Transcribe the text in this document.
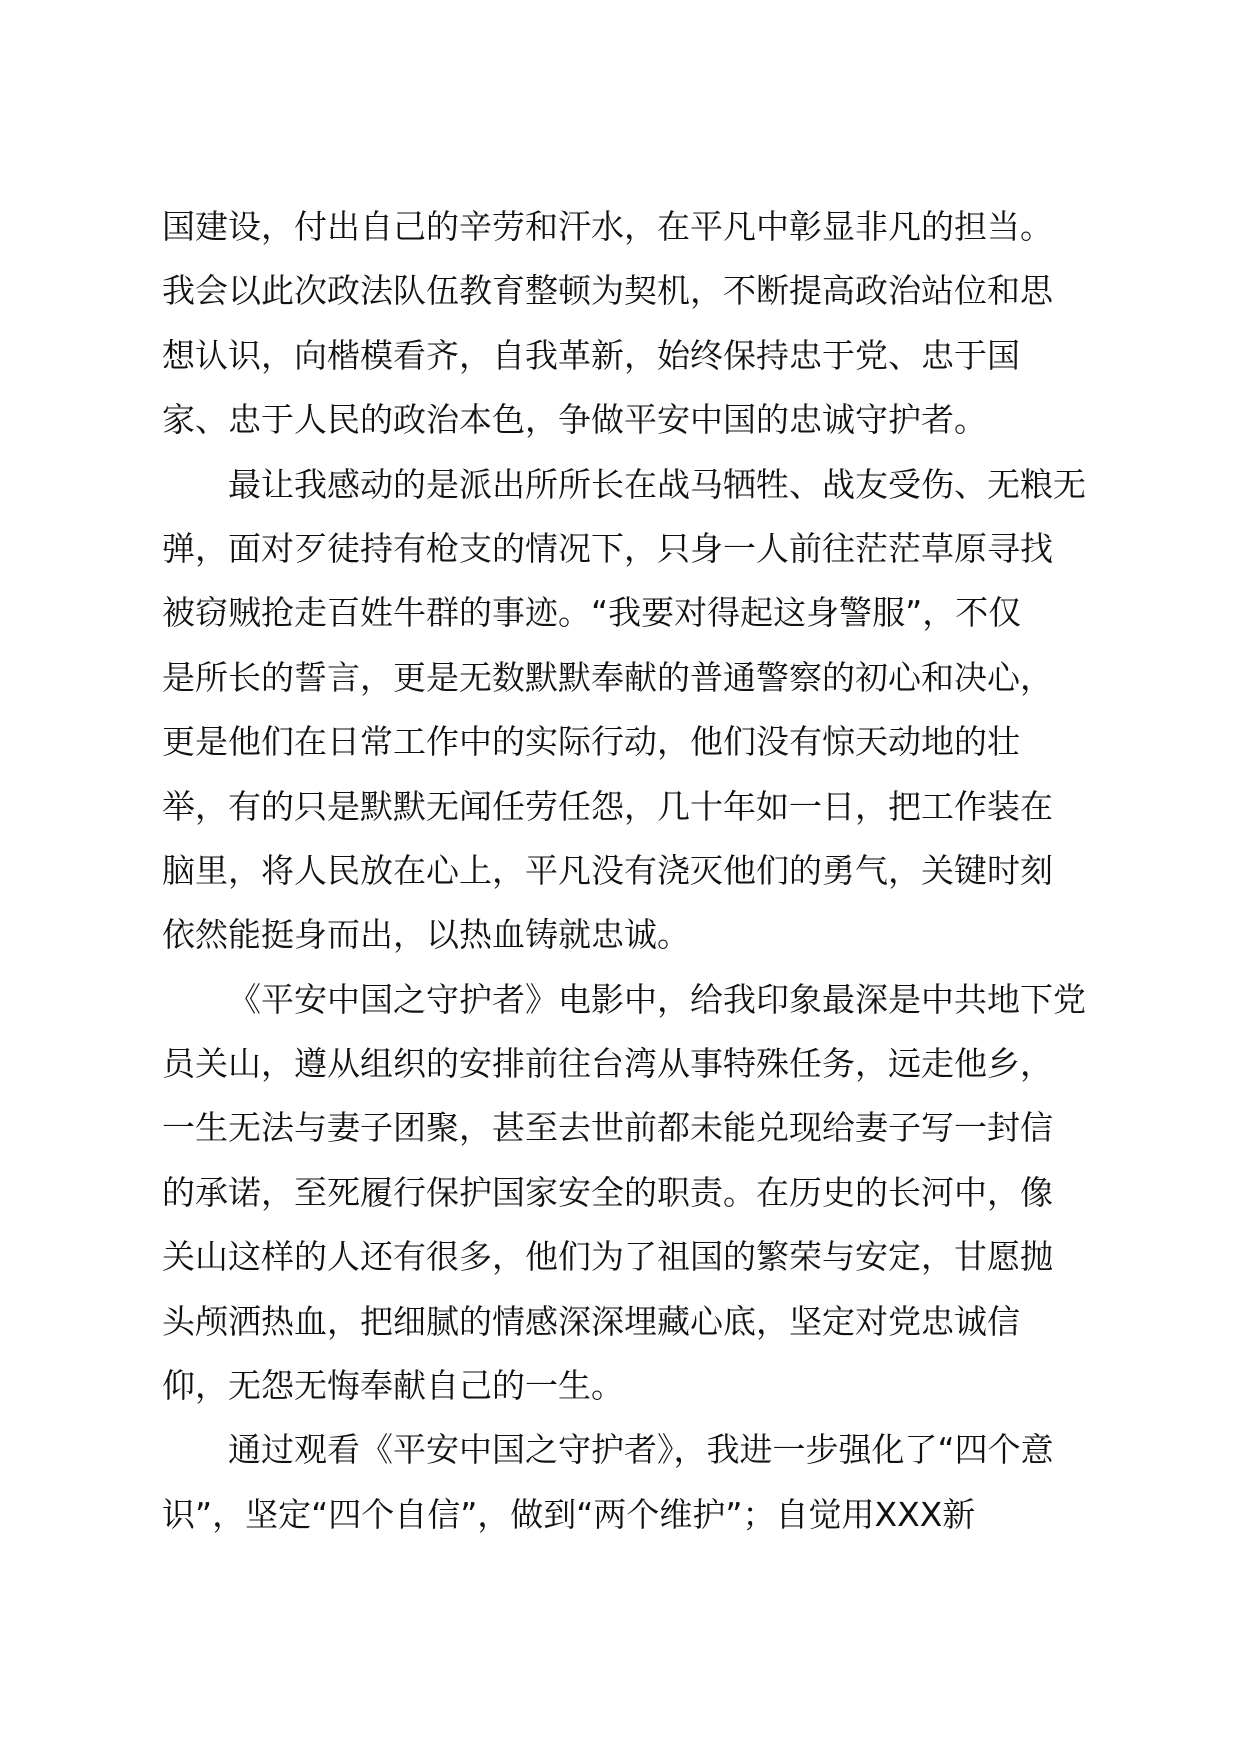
国建设，付出自己的辛劳和汗水，在平凡中彰显非凡的担当。
我会以此次政法队伍教育整顿为契机，不断提高政治站位和思
想认识，向楷模看齐，自我革新，始终保持忠于党、忠于国
家、忠于人民的政治本色，争做平安中国的忠诚守护者。
最让我感动的是派出所所长在战马牺牲、战友受伤、无粮无
弹，面对歹徒持有枪支的情况下，只身一人前往茫茫草原寻找
被窃贼抢走百姓牛群的事迹。“我要对得起这身警服”，不仅
是所长的誓言，更是无数默默奉献的普通警察的初心和决心，
更是他们在日常工作中的实际行动，他们没有惊天动地的壮
举，有的只是默默无闻任劳任怨，几十年如一日，把工作装在
脑里，将人民放在心上，平凡没有浇灭他们的勇气，关键时刻
依然能挺身而出，以热血铸就忠诚。
《平安中国之守护者》电影中，给我印象最深是中共地下党
员关山，遵从组织的安排前往台湾从事特殊任务，远走他乡，
一生无法与妻子团聚，甚至去世前都未能兑现给妻子写一封信
的承诺，至死履行保护国家安全的职责。在历史的长河中，像
关山这样的人还有很多，他们为了祖国的繁荣与安定，甘愿抛
头颅洒热血，把细腻的情感深深埋藏心底，坚定对党忠诚信
仰，无怨无悔奉献自己的一生。
通过观看《平安中国之守护者》，我进一步强化了“四个意
识”，坚定“四个自信”，做到“两个维护”；自觉用XXX新
